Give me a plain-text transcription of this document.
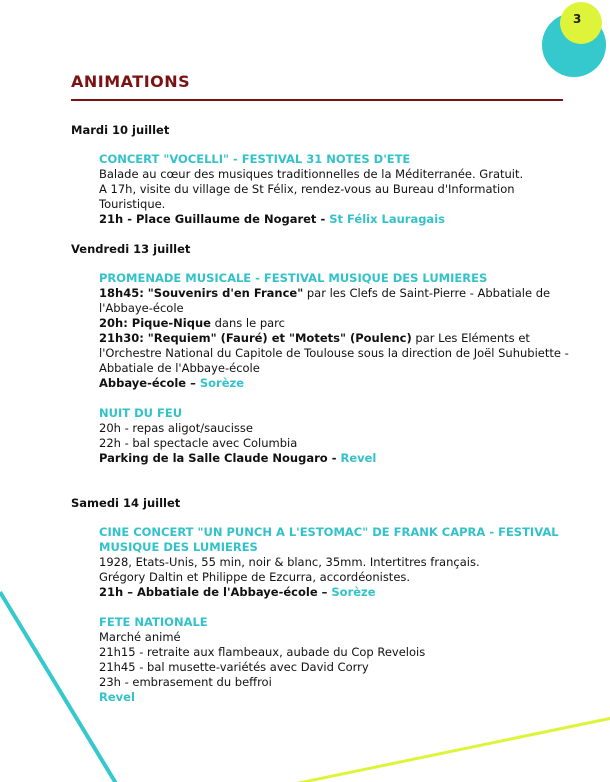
3
ANIMATIONS
Mardi 10 juillet
CONCERT "VOCELLI" - FESTIVAL 31 NOTES D'ETE
Balade au cœur des musiques traditionnelles de la Méditerranée. Gratuit.
A 17h, visite du village de St Félix, rendez-vous au Bureau d'Information Touristique.
21h - Place Guillaume de Nogaret - St Félix Lauragais
Vendredi 13 juillet
PROMENADE MUSICALE - FESTIVAL MUSIQUE DES LUMIERES
18h45: "Souvenirs d'en France" par les Clefs de Saint-Pierre - Abbatiale de l'Abbaye-école
20h: Pique-Nique dans le parc
21h30: "Requiem" (Fauré) et "Motets" (Poulenc) par Les Eléments et l'Orchestre National du Capitole de Toulouse sous la direction de Joël Suhubiette - Abbatiale de l'Abbaye-école
Abbaye-école – Sorèze
NUIT DU FEU
20h - repas aligot/saucisse
22h - bal spectacle avec Columbia
Parking de la Salle Claude Nougaro - Revel
Samedi 14 juillet
CINE CONCERT "UN PUNCH A L'ESTOMAC" DE FRANK CAPRA - FESTIVAL MUSIQUE DES LUMIERES
1928, Etats-Unis, 55 min, noir & blanc, 35mm. Intertitres français.
Grégory Daltin et Philippe de Ezcurra, accordéonistes.
21h – Abbatiale de l'Abbaye-école – Sorèze
FETE NATIONALE
Marché animé
21h15 - retraite aux flambeaux, aubade du Cop Revelois
21h45 - bal musette-variétés avec David Corry
23h - embrasement du beffroi
Revel
